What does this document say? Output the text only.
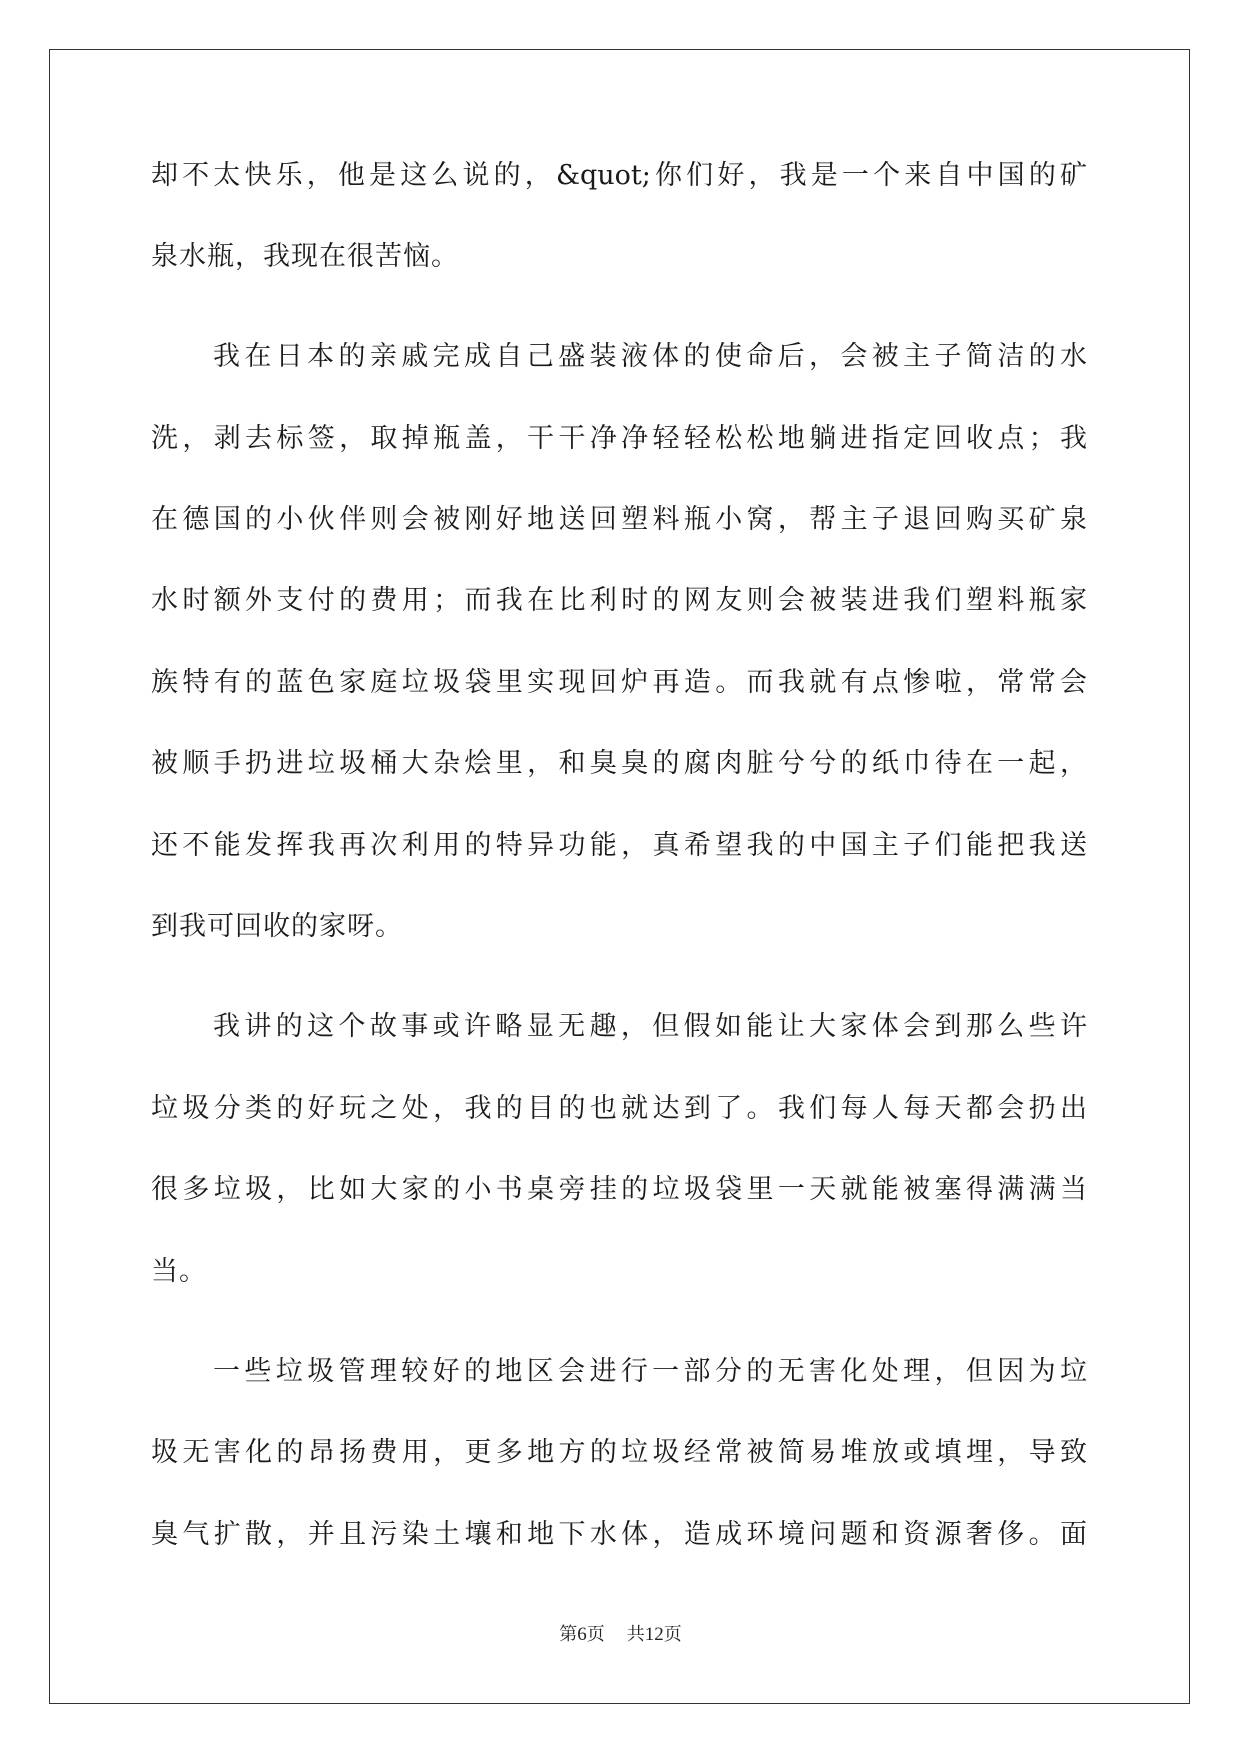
却不太快乐，他是这么说的，&quot;你们好，我是一个来自中国的矿
泉水瓶，我现在很苦恼。
我在日本的亲戚完成自己盛装液体的使命后，会被主子简洁的水
洗，剥去标签，取掉瓶盖，干干净净轻轻松松地躺进指定回收点；我
在德国的小伙伴则会被刚好地送回塑料瓶小窝，帮主子退回购买矿泉
水时额外支付的费用；而我在比利时的网友则会被装进我们塑料瓶家
族特有的蓝色家庭垃圾袋里实现回炉再造。而我就有点惨啦，常常会
被顺手扔进垃圾桶大杂烩里，和臭臭的腐肉脏兮兮的纸巾待在一起，
还不能发挥我再次利用的特异功能，真希望我的中国主子们能把我送
到我可回收的家呀。
我讲的这个故事或许略显无趣，但假如能让大家体会到那么些许
垃圾分类的好玩之处，我的目的也就达到了。我们每人每天都会扔出
很多垃圾，比如大家的小书桌旁挂的垃圾袋里一天就能被塞得满满当
当。
一些垃圾管理较好的地区会进行一部分的无害化处理，但因为垃
圾无害化的昂扬费用，更多地方的垃圾经常被简易堆放或填埋，导致
臭气扩散，并且污染土壤和地下水体，造成环境问题和资源奢侈。面
第6页 共12页
